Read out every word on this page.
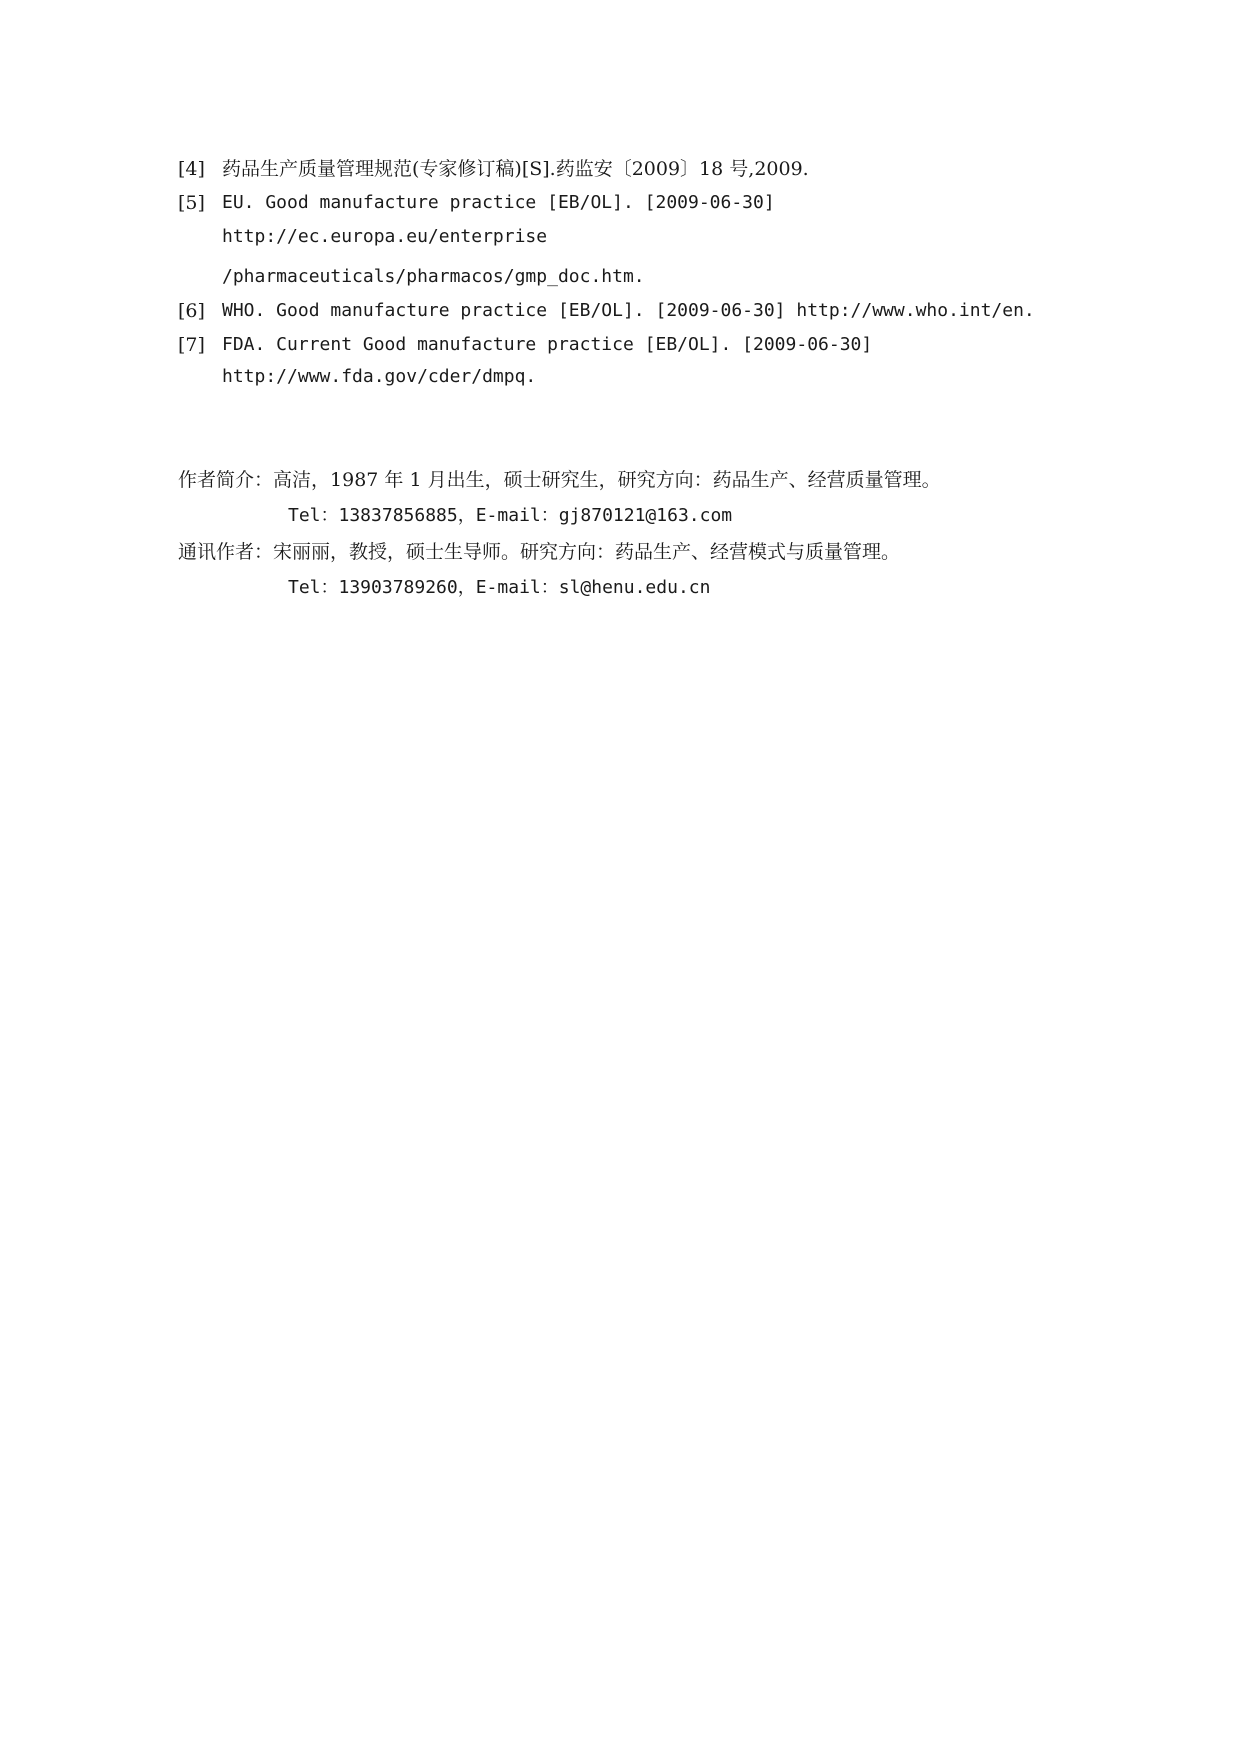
[4] 药品生产质量管理规范(专家修订稿)[S].药监安〔2009〕18 号,2009.
[5] EU. Good manufacture practice [EB/OL]. [2009-06-30] http://ec.europa.eu/enterprise
/pharmaceuticals/pharmacos/gmp_doc.htm.
[6] WHO. Good manufacture practice [EB/OL]. [2009-06-30] http://www.who.int/en.
[7] FDA. Current Good manufacture practice [EB/OL]. [2009-06-30]
http://www.fda.gov/cder/dmpq.
作者简介：高洁，1987 年 1 月出生，硕士研究生，研究方向：药品生产、经营质量管理。
Tel：13837856885，E-mail：gj870121@163.com
通讯作者：宋丽丽，教授，硕士生导师。研究方向：药品生产、经营模式与质量管理。
Tel：13903789260，E-mail：sl@henu.edu.cn
